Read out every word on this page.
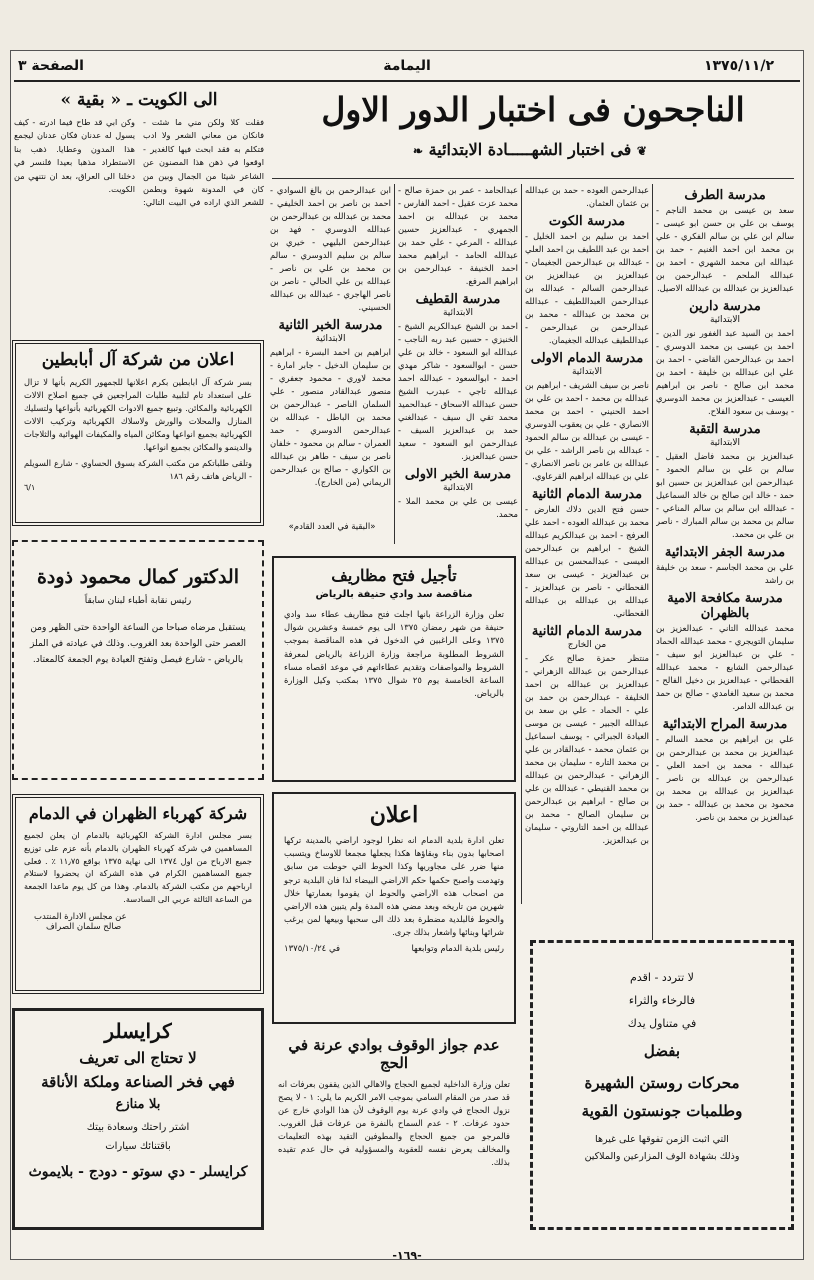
اليمامة	١٣٧٥/١١/٢
الصفحة ٣
الناجحون فى اختبار الدور الاول
❦ فى اختبار الشهـــــادة الابتدائية ❧
مدرسة الطرف
سعد بن عيسى بن محمد الناجم - يوسف بن علي بن حسن ابو عيسى - سالم ابن علي بن سالم الفكري - علي بن محمد ابن احمد الغنيم - حمد بن عبدالله ابن محمد الشهري - احمد بن عبدالله الملحم - عبدالرحمن بن عبدالعزيز بن عبدالله بن عبدالله الاصيل.
مدرسة دارين
الابتدائية
احمد بن السيد عبد الغفور نور الدين - احمد بن عيسى بن محمد الدوسري - احمد بن عبدالرحمن القاضي - احمد بن علي ابن عبدالله بن خليفة - احمد بن محمد ابن صالح - ناصر بن ابراهيم العيسى - عبدالعزيز بن محمد الدوسري - يوسف بن سعود الفلاح.
مدرسة التقبة
الابتدائية
عبدالعزيز بن محمد فاضل العقيل - سالم بن علي بن سالم الحمود - عبدالرحمن ابن عبدالعزيز بن حسين ابو حمد - خالد ابن صالح بن خالد السماعيل - عبدالله ابن سالم بن سالم المناعي - سالم بن محمد بن سالم المبارك - ناصر بن علي بن محمد.
مدرسة الجفر الابتدائية
علي بن محمد الجاسم - سعد بن خليفة بن راشد
مدرسة مكافحة الامية بالظهران
محمد عبدالله التاني - عبدالعزيز بن سليمان التويجري - محمد عبدالله الحماد - علي بن عبدالعزيز ابو سيف - عبدالرحمن الشايع - محمد عبدالله القحطاني - عبدالعزيز بن دخيل الفالح - محمد بن سعيد الغامدي - صالح بن حمد بن عبدالله الدامر.
مدرسة المراح الابتدائية
علي بن ابراهيم بن محمد السالم - عبدالعزيز بن محمد بن عبدالرحمن بن عبدالله - محمد بن احمد العلي - عبدالرحمن بن عبدالله بن ناصر - عبدالعزيز بن عبدالله بن محمد بن محمود بن محمد بن عبدالله - حمد بن عبدالعزيز بن محمد بن ناصر.
عبدالرحمن العوده - حمد بن عبدالله بن عثمان العثمان.
مدرسة الكوت
احمد بن سليم بن احمد الخليل - احمد بن عبد اللطيف بن احمد العلي - عبدالله بن عبدالرحمن الجغيمان - عبدالعزيز بن عبدالعزيز بن عبدالرحمن السالم - عبدالله بن عبدالرحمن العبداللطيف - عبدالله بن محمد بن عبدالله - محمد بن عبدالرحمن بن عبدالرحمن - عبداللطيف عبدالله الجغيمان.
مدرسة الدمام الاولى
الابتدائية
ناصر بن سيف الشريف - ابراهيم بن عبدالله بن محمد - احمد بن علي بن احمد الحنيني - احمد بن محمد الانصاري - علي بن يعقوب الدوسري - عيسى بن عبدالله بن سالم الحمود - عبدالله بن ناصر الراشد - علي بن عبدالله بن عامر بن ناصر الانصاري - علي بن عبدالله ابراهيم القرعاوي.
مدرسة الدمام الثانية
حسن فتح الدين دلاك العارض - محمد بن عبدالله العوده - احمد علي العرفج - احمد بن عبدالكريم عبدالله الشيخ - ابراهيم بن عبدالرحمن العيسى - عبدالمحسن بن عبدالله بن عبدالعزيز - عيسى بن سعد القحطاني - ناصر بن عبدالعزيز - عبدالله بن عبدالله بن عبدالله القحطاني.
مدرسة الدمام الثانية
من الخارج
منتظر حمزة صالح عكر - عبدالرحمن بن عبدالله الزهراني - عبدالعزيز بن عبدالله بن احمد الخليفة - عبدالرحمن بن حمد بن علي - الحماد - علي بن سعد بن عبدالله الجبير - عيسى بن موسى العيادة الجبرائي - يوسف اسماعيل بن عثمان محمد - عبدالقادر بن علي بن محمد التاره - سليمان بن محمد الزهراني - عبدالرحمن بن عبدالله بن محمد القنيطي - عبدالله بن علي بن صالح - ابراهيم بن عبدالرحمن بن سليمان الصالح - محمد بن عبدالله بن احمد التاروتي - سليمان بن عبدالعزيز.
عبدالحامد - عمر بن حمزة صالح - محمد عزت عقيل - احمد الفارس - محمد بن عبدالله بن احمد الجمهري - عبدالعزيز حسين عبدالله - المرعي - علي حمد بن عبدالله الحامد - ابراهيم محمد احمد الخنيفة - عبدالرحمن بن ابراهيم المرفع.
مدرسة القطيف
الابتدائية
احمد بن الشيخ عبدالكريم الشيخ - الخنيزي - حسين عبد ربه الناجب - عبدالله ابو السعود - خالد بن علي حسن - ابوالسعود - شاكر مهدي احمد - ابوالسعود - عبدالله احمد عبدالله تاجي - عبدرب الشيخ حسن عبدالله الاسحاق - عبدالحميد محمد تقي ال سيف - عبدالغني حمد بن عبدالعزيز السيف - عبدالرحمن ابو السعود - سعيد حسن عبدالعزيز.
مدرسة الخبر الاولى
الابتدائية
عيسى بن علي بن محمد الملا - محمد.
ابن عبدالرحمن بن بالغ السوادي - احمد بن ناصر بن احمد الخليفي - محمد بن عبدالله بن عبدالرحمن بن عبدالله الدوسري - فهد بن عبدالرحمن البليهي - خيري بن سالم بن سليم الدوسري - سالم بن محمد بن علي بن ناصر - عبدالله بن علي الحالي - ناصر بن ناصر الهاجري - عبدالله بن عبدالله الحسيني.
مدرسة الخبر الثانية
الابتدائية
ابراهيم بن احمد البسرة - ابراهيم بن سليمان الدخيل - جابر امارة - محمد لاوري - محمود جعفري - منصور عبدالقادر منصور - علي السلمان الناصر - عبدالرحمن بن محمد بن الباطل - عبدالله بن عبدالرحمن الدوسري - حمد العمران - سالم بن محمود - خلفان ناصر بن سيف - طاهر بن عبدالله بن الكواري - صالح بن عبدالرحمن الريماني (من الخارج).
«البقية في العدد القادم»
الى الكويت ـ « بقية »
فقلت كلا ولكن مني ما شئت - فانكان من معاني الشعر ولا ادب فتكلم به فقد ابحث فيها كالغدير - اوقعوا في ذهن هذا المصنون عن الشاعر شيئا من الجمال وبين من كان في المدونة شهوة وبطمن للشعر الذي اراده في البيت التالي: وكن ابي قد طاح فيما ادرته - كيف يسول له عدنان فكان عدنان ليجمع هذا المدون وعطايا. ذهب بنا الاستطراد مذهبا بعيدا فلنسر في دخلنا الى العراق، بعد ان نتنهي من الكويت.
اعلان من شركة آل أبابطين
بسر شركة آل ابابطين بكرم اعلانها للجمهور الكريم بأنها لا تزال على استعداد تام لتلبية طلبات المراجعين في جميع اصلاح الالات الكهربائية والمكائن. وتبيع جميع الادوات الكهربائية بأنواعها ولتسليك المنازل والمحلات والورش ولاسلاك الكهربائية وتركيب الالات الكهربائية بجميع انواعها ومكائن المياه والمكيفات الهوائية والثلاجات والدينمو والمكائن بجميع انواعها.
وتلقى طلباتكم من مكتب الشركة بسوق الحساوي - شارع السويلم - الرياض هاتف رقم ١٨٦
٦/١
الدكتور كمال محمود ذودة
رئيس نقابة أطباء لبنان سابقاً
يستقبل مرضاه صباحا من الساعة الواحدة حتى الظهر ومن العصر حتى الواحدة بعد الغروب. وذلك في عيادته في الملز بالرياض - شارع فيصل وتفتح العيادة يوم الجمعة كالمعتاد.
شركة كهرباء الظهران في الدمام
بسر مجلس ادارة الشركة الكهربائية بالدمام ان يعلن لجميع المساهمين في شركة كهرباء الظهران بالدمام بأنه عزم على توزيع جميع الارباح من اول ١٣٧٤ الى نهاية ١٣٧٥ بواقع ١١٫٧٥ ٪ . فعلى جميع المساهمين الكرام في هذه الشركة ان يحضروا لاستلام ارباحهم من مكتب الشركة بالدمام. وهذا من كل يوم ماعدا الجمعة من الساعة الثالثة عربي الى السادسة.
عن مجلس الادارة المنتدب
صالح سلمان الصراف
كرايسلر
لا تحتاج الى تعريف
فهي فخر الصناعة وملكة الأناقة
بلا منازع
اشتر راحتك وسعادة بيتك
باقتنائك سيارات
كرايسلر - دي سوتو - دودج - بلايموث
تأجيل فتح مظاريف
مناقصة سد وادي حنيفة بالرياض
تعلن وزارة الزراعة بانها اجلت فتح مظاريف عطاء سد وادي حنيفة من شهر رمضان ١٣٧٥ الى يوم خمسة وعشرين شوال ١٣٧٥ وعلى الراغبين في الدخول في هذه المناقصة بموجب الشروط المطلوبة مراجعة وزارة الزراعة بالرياض لمعرفة الشروط والمواصفات وتقديم عطاءاتهم في موعد اقصاه مساء الساعة الخامسة يوم ٢٥ شوال ١٣٧٥ بمكتب وكيل الوزارة بالرياض.
اعلان
تعلن ادارة بلدية الدمام انه نظرا لوجود اراضي بالمدينة تركها اصحابها بدون بناء وبقاؤها هكذا يجعلها مجمعا للاوساخ ويتسبب منها ضرر على مجاوريها وكذا الحوط التي حوطت من سابق وتهدمت واصبح حكمها حكم الاراضي البيضاء لذا فان البلدية ترجو من اصحاب هذه الاراضي والحوط ان يقوموا بعمارتها خلال شهرين من تاريخه وبعد مضي هذه المدة ولم يتبين هذه الاراضي والحوط فالبلدية مضطرة بعد ذلك الى سحبها وبيعها لمن يرغب شرائها وبنائها واشعار بذلك جرى.
رئيس بلدية الدمام وتوابعها
في ١٣٧٥/١٠/٢٤
عدم جواز الوقوف بوادي عرنة في الحج
تعلن وزارة الداخلية لجميع الحجاج والاهالي الذين يقفون بعرفات انه قد صدر من المقام السامي بموجب الامر الكريم ما يلي: ١ - لا يصح نزول الحجاج في وادي عرنة يوم الوقوف لأن هذا الوادي خارج عن حدود عرفات. ٢ - عدم السماح بالنفرة من عرفات قبل الغروب. فالمرجو من جميع الحجاج والمطوفين التقيد بهذه التعليمات والمخالف يعرض نفسه للعقوبة والمسؤولية في حال عدم تقيده بذلك.
لا تتردد - اقدم
فالرخاء والثراء
في متناول يدك
بفضل
محركات روستن الشهيرة
وطلمبات جونستون القوية
التي اثبت الزمن تفوقها على غيرها
وذلك بشهادة الوف المزارعين والملاكين
-١٦٩-
